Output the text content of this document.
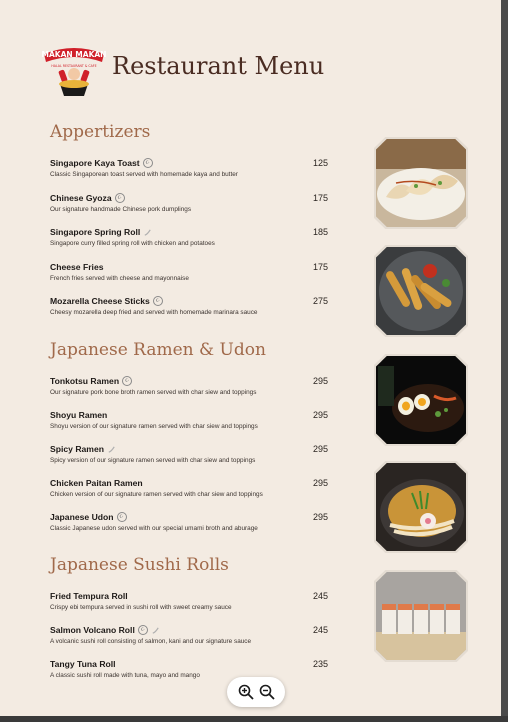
MAKAN MAKAN
HALAL RESTAURANT & CAFE Restaurant Menu
Appertizers
Singapore Kaya Toast	☪
Classic Singaporean toast served with homemade kaya and butter
125
Chinese Gyoza	☪
Our signature handmade Chinese pork dumplings
175
Singapore Spring Roll
Singapore curry filled spring roll with chicken and potatoes
185
Cheese Fries
French fries served with cheese and mayonnaise
175
Mozarella Cheese Sticks	☪
Cheesy mozarella deep fried and served with homemade marinara sauce
275
Japanese Ramen & Udon
Tonkotsu Ramen	☪
Our signature pork bone broth ramen served with char siew and toppings
295
Shoyu Ramen
Shoyu version of our signature ramen served with char siew and toppings
295
Spicy Ramen
Spicy version of our signature ramen served with char siew and toppings
295
Chicken Paitan Ramen
Chicken version of our signature ramen served with char siew and toppings
295
Japanese Udon	☪
Classic Japanese udon served with our special umami broth and aburage
295
Japanese Sushi Rolls
Fried Tempura Roll
Crispy ebi tempura served in sushi roll with sweet creamy sauce
245
Salmon Volcano Roll	☪
A volcanic sushi roll consisting of salmon, kani and our signature sauce
245
Tangy Tuna Roll
A classic sushi roll made with tuna, mayo and mango
235
